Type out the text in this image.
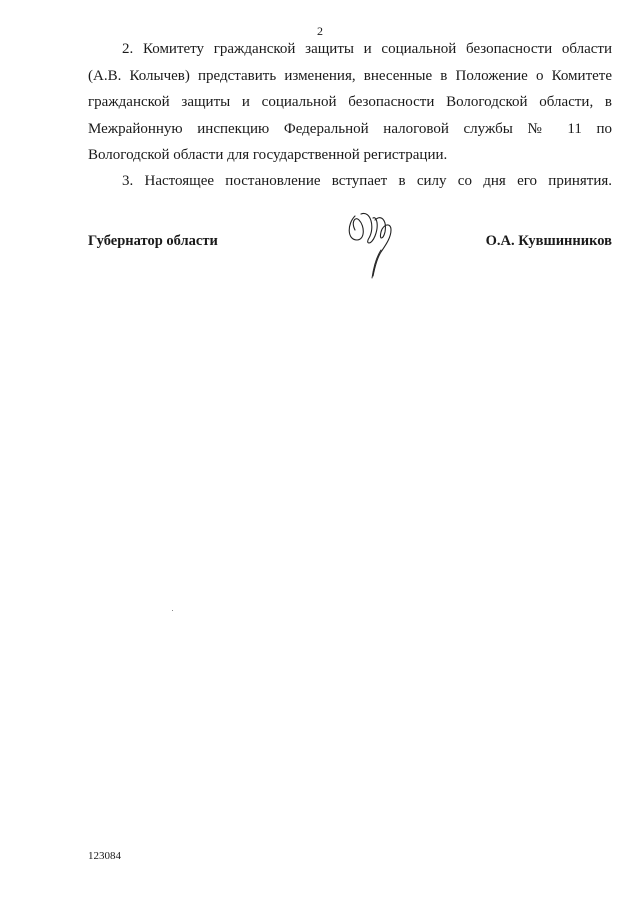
2
2. Комитету гражданской защиты и социальной безопасности области
(А.В. Колычев) представить изменения, внесенные в Положение о Комитете
гражданской защиты и социальной безопасности Вологодской области, в
Межрайонную инспекцию Федеральной налоговой службы № 11 по
Вологодской области для государственной регистрации.
3. Настоящее постановление вступает в силу со дня его принятия.
Губернатор области	О.А. Кувшинников
123084
